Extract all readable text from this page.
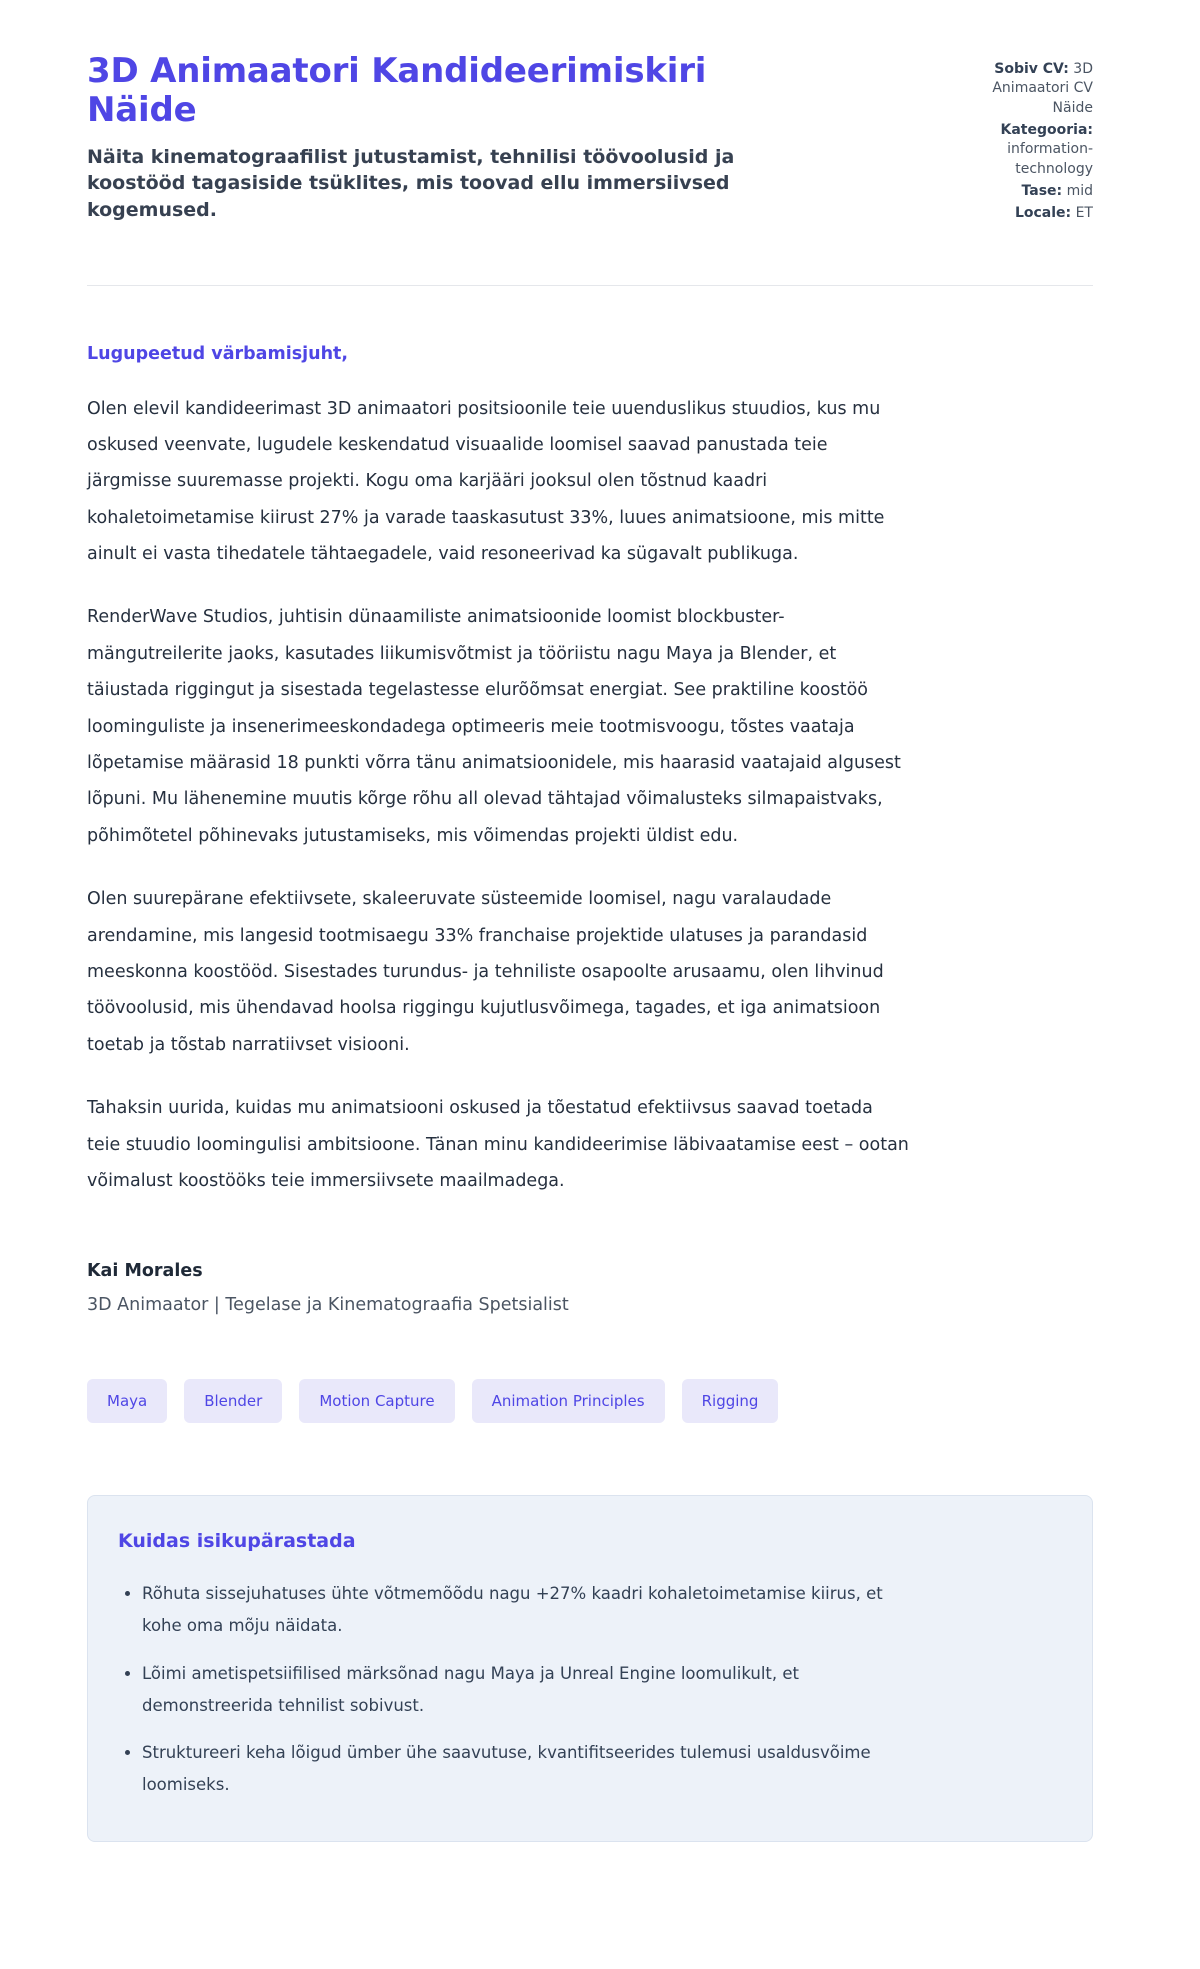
3D Animaatori Kandideerimiskiri Näide
Näita kinematograafilist jutustamist, tehnilisi töövoolusid ja koostööd tagasiside tsüklites, mis toovad ellu immersiivsed kogemused.
Sobiv CV: 3D Animaatori CV Näide
Kategooria: information-technology
Tase: mid
Locale: ET
Lugupeetud värbamisjuht,

Olen elevil kandideerimast 3D animaatori positsioonile teie uuenduslikus stuudios, kus mu oskused veenvate, lugudele keskendatud visuaalide loomisel saavad panustada teie järgmisse suuremasse projekti. Kogu oma karjääri jooksul olen tõstnud kaadri kohaletoimetamise kiirust 27% ja varade taaskasutust 33%, luues animatsioone, mis mitte ainult ei vasta tihedatele tähtaegadele, vaid resoneerivad ka sügavalt publikuga.

RenderWave Studios, juhtisin dünaamiliste animatsioonide loomist blockbuster-mängutreilerite jaoks, kasutades liikumisvõtmist ja tööriistu nagu Maya ja Blender, et täiustada riggingut ja sisestada tegelastesse elurõõmsat energiat. See praktiline koostöö loominguliste ja insenerimeeskondadega optimeeris meie tootmisvoogu, tõstes vaataja lõpetamise määrasid 18 punkti võrra tänu animatsioonidele, mis haarasid vaatajaid algusest lõpuni. Mu lähenemine muutis kõrge rõhu all olevad tähtajad võimalusteks silmapaistvaks, põhimõtetel põhinevaks jutustamiseks, mis võimendas projekti üldist edu.

Olen suurepärane efektiivsete, skaleeruvate süsteemide loomisel, nagu varalaudade arendamine, mis langesid tootmisaegu 33% franchaise projektide ulatuses ja parandasid meeskonna koostööd. Sisestades turundus- ja tehniliste osapoolte arusaamu, olen lihvinud töövoolusid, mis ühendavad hoolsa riggingu kujutlusvõimega, tagades, et iga animatsioon toetab ja tõstab narratiivset visiooni.

Tahaksin uurida, kuidas mu animatsiooni oskused ja tõestatud efektiivsus saavad toetada teie stuudio loomingulisi ambitsioone. Tänan minu kandideerimise läbivaatamise eest – ootan võimalust koostööks teie immersiivsete maailmadega.

Kai Morales
3D Animaator | Tegelase ja Kinematograafia Spetsialist
Maya	Blender	Motion Capture	Animation Principles	Rigging
Kuidas isikupärastada
• Rõhuta sissejuhatuses ühte võtmemõõdu nagu +27% kaadri kohaletoimetamise kiirus, et kohe oma mõju näidata.
• Lõimi ametispetsiifilised märksõnad nagu Maya ja Unreal Engine loomulikult, et demonstreerida tehnilist sobivust.
• Struktureeri keha lõigud ümber ühe saavutuse, kvantifitseerides tulemusi usaldusvõime loomiseks.
